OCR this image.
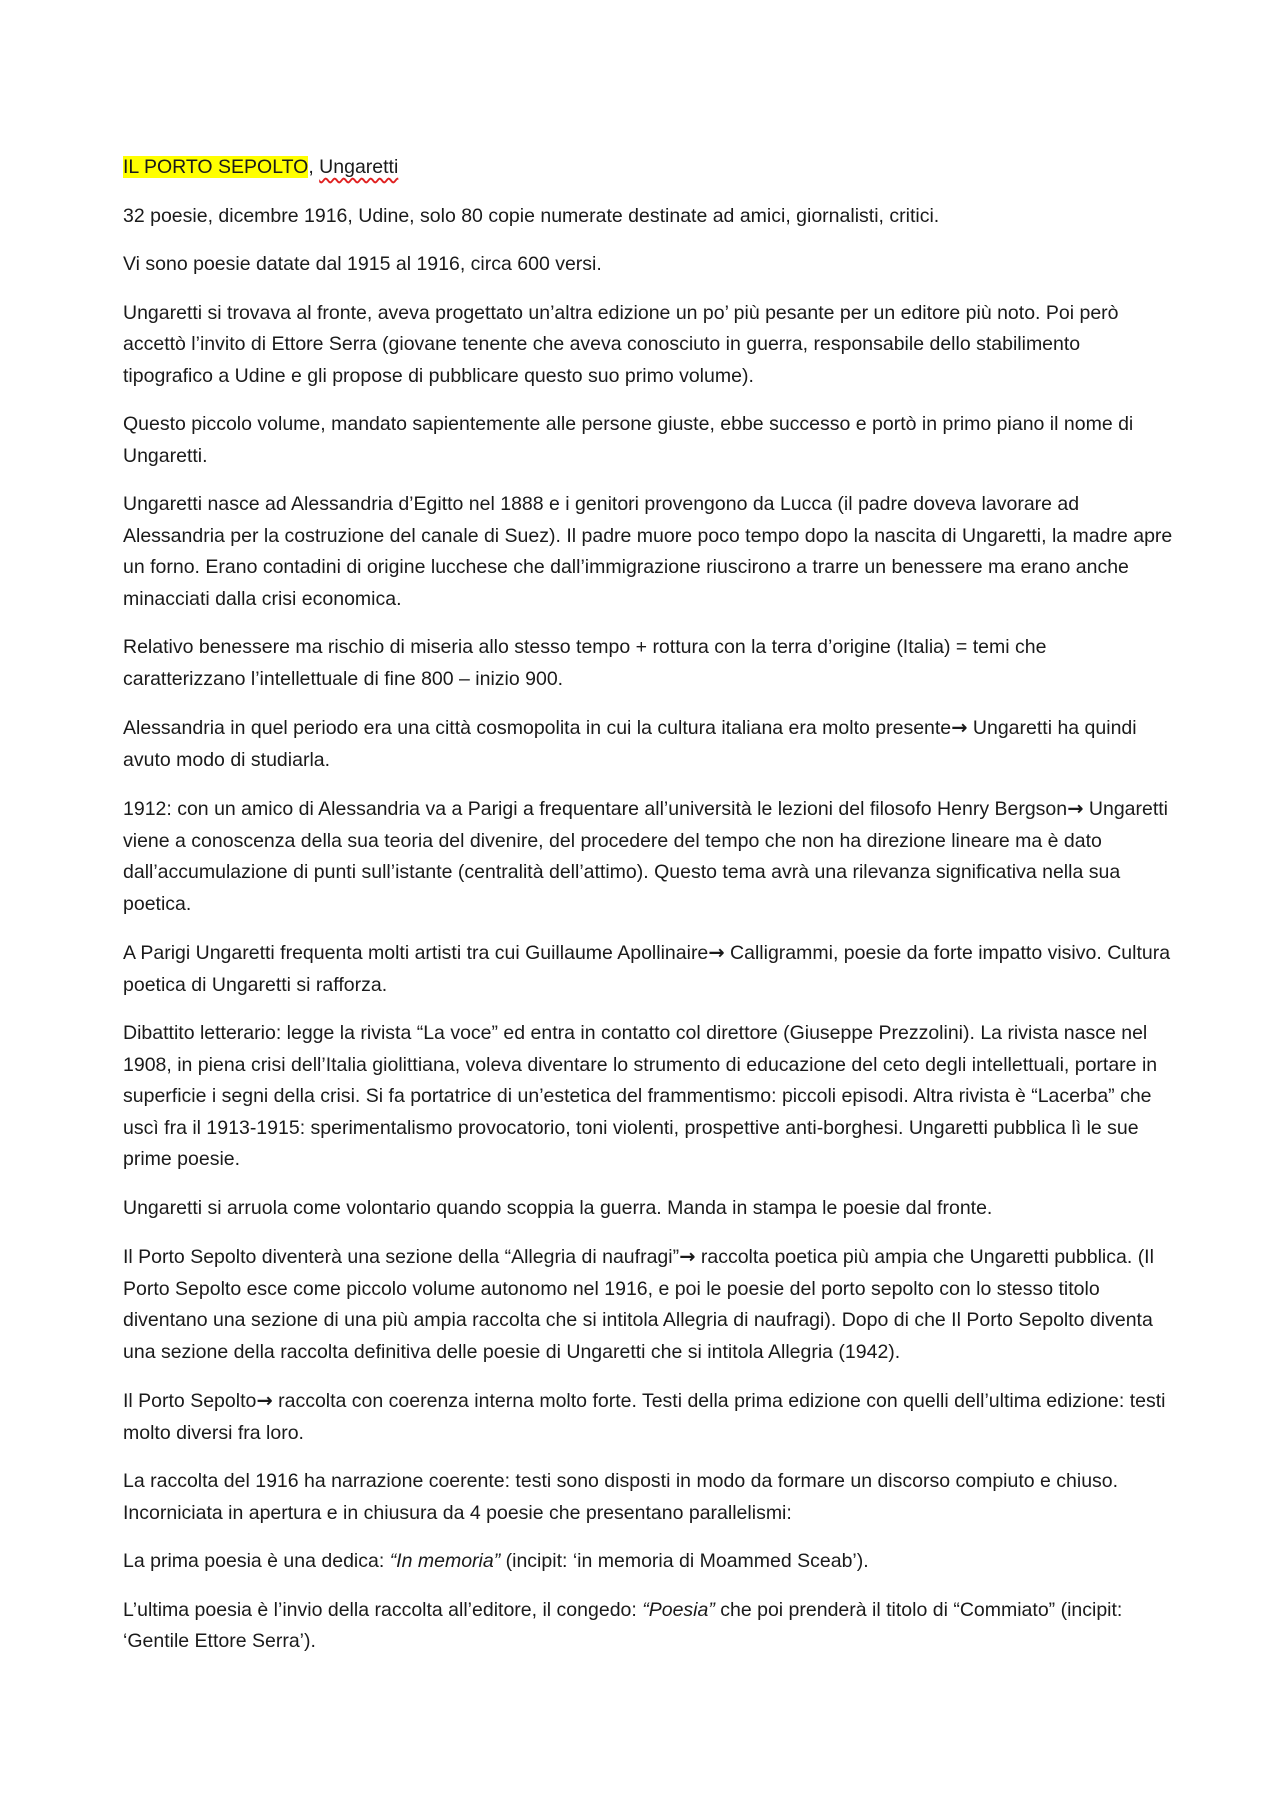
IL PORTO SEPOLTO, Ungaretti

32 poesie, dicembre 1916, Udine, solo 80 copie numerate destinate ad amici, giornalisti, critici.

Vi sono poesie datate dal 1915 al 1916, circa 600 versi.

Ungaretti si trovava al fronte, aveva progettato un’altra edizione un po’ più pesante per un editore più noto. Poi però accettò l’invito di Ettore Serra (giovane tenente che aveva conosciuto in guerra, responsabile dello stabilimento tipografico a Udine e gli propose di pubblicare questo suo primo volume).

Questo piccolo volume, mandato sapientemente alle persone giuste, ebbe successo e portò in primo piano il nome di Ungaretti.

Ungaretti nasce ad Alessandria d’Egitto nel 1888 e i genitori provengono da Lucca (il padre doveva lavorare ad Alessandria per la costruzione del canale di Suez). Il padre muore poco tempo dopo la nascita di Ungaretti, la madre apre un forno. Erano contadini di origine lucchese che dall’immigrazione riuscirono a trarre un benessere ma erano anche minacciati dalla crisi economica.

Relativo benessere ma rischio di miseria allo stesso tempo + rottura con la terra d’origine (Italia) = temi che caratterizzano l’intellettuale di fine 800 – inizio 900.

Alessandria in quel periodo era una città cosmopolita in cui la cultura italiana era molto presente→ Ungaretti ha quindi avuto modo di studiarla.

1912: con un amico di Alessandria va a Parigi a frequentare all’università le lezioni del filosofo Henry Bergson→ Ungaretti viene a conoscenza della sua teoria del divenire, del procedere del tempo che non ha direzione lineare ma è dato dall’accumulazione di punti sull’istante (centralità dell’attimo). Questo tema avrà una rilevanza significativa nella sua poetica.

A Parigi Ungaretti frequenta molti artisti tra cui Guillaume Apollinaire→ Calligrammi, poesie da forte impatto visivo. Cultura poetica di Ungaretti si rafforza.

Dibattito letterario: legge la rivista “La voce” ed entra in contatto col direttore (Giuseppe Prezzolini). La rivista nasce nel 1908, in piena crisi dell’Italia giolittiana, voleva diventare lo strumento di educazione del ceto degli intellettuali, portare in superficie i segni della crisi. Si fa portatrice di un’estetica del frammentismo: piccoli episodi. Altra rivista è “Lacerba” che uscì fra il 1913-1915: sperimentalismo provocatorio, toni violenti, prospettive anti-borghesi. Ungaretti pubblica lì le sue prime poesie.

Ungaretti si arruola come volontario quando scoppia la guerra. Manda in stampa le poesie dal fronte.

Il Porto Sepolto diventerà una sezione della “Allegria di naufragi”→ raccolta poetica più ampia che Ungaretti pubblica. (Il Porto Sepolto esce come piccolo volume autonomo nel 1916, e poi le poesie del porto sepolto con lo stesso titolo diventano una sezione di una più ampia raccolta che si intitola Allegria di naufragi). Dopo di che Il Porto Sepolto diventa una sezione della raccolta definitiva delle poesie di Ungaretti che si intitola Allegria (1942).

Il Porto Sepolto→ raccolta con coerenza interna molto forte. Testi della prima edizione con quelli dell’ultima edizione: testi molto diversi fra loro.

La raccolta del 1916 ha narrazione coerente: testi sono disposti in modo da formare un discorso compiuto e chiuso. Incorniciata in apertura e in chiusura da 4 poesie che presentano parallelismi:

La prima poesia è una dedica: “In memoria” (incipit: ‘in memoria di Moammed Sceab’).

L’ultima poesia è l’invio della raccolta all’editore, il congedo: “Poesia” che poi prenderà il titolo di “Commiato” (incipit: ‘Gentile Ettore Serra’).
